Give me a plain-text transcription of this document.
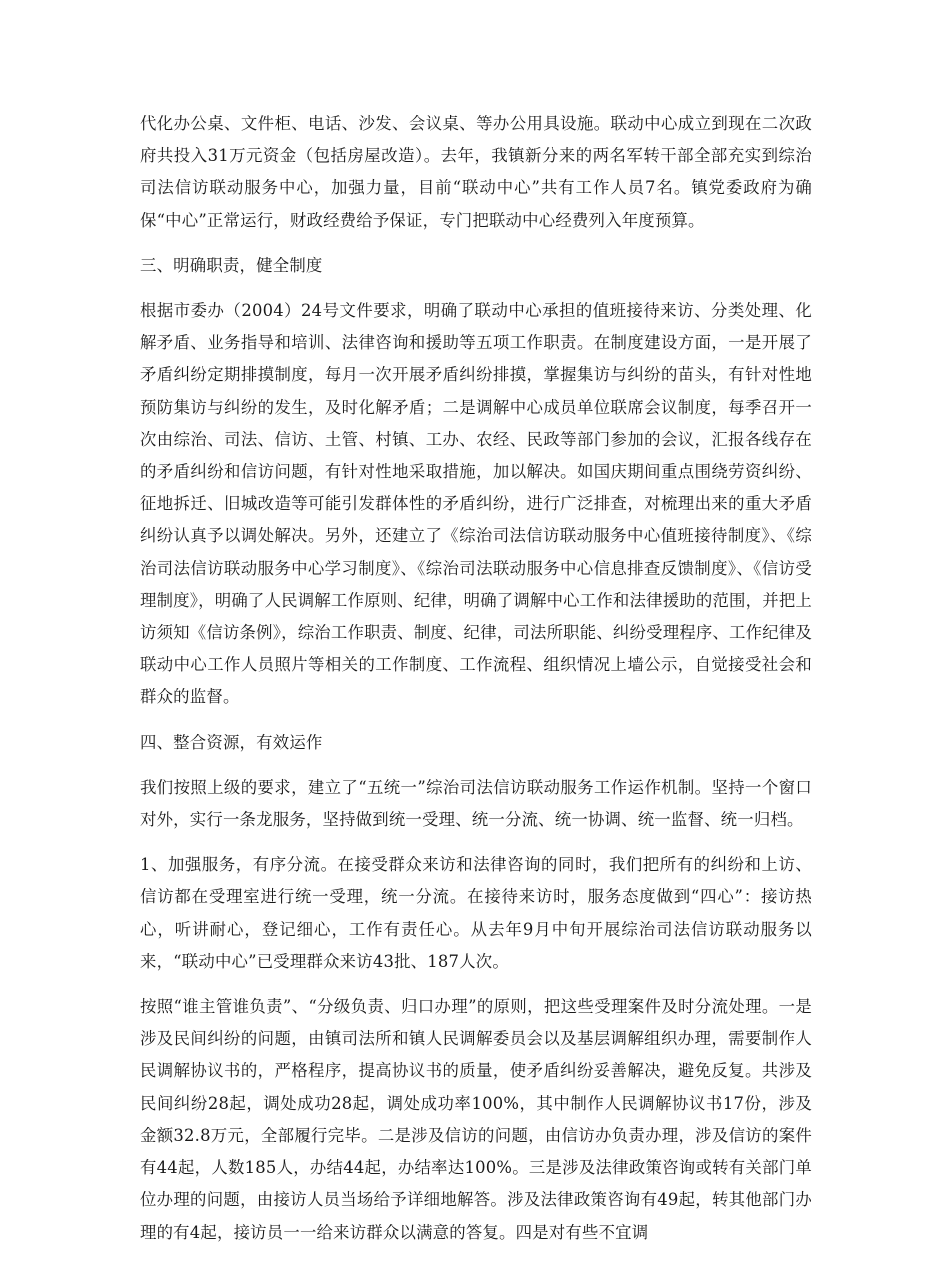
代化办公桌、文件柜、电话、沙发、会议桌、等办公用具设施。联动中心成立到现在二次政府共投入31万元资金（包括房屋改造）。去年，我镇新分来的两名军转干部全部充实到综治司法信访联动服务中心，加强力量，目前“联动中心”共有工作人员7名。镇党委政府为确保“中心”正常运行，财政经费给予保证，专门把联动中心经费列入年度预算。

三、明确职责，健全制度

根据市委办（2004）24号文件要求，明确了联动中心承担的值班接待来访、分类处理、化解矛盾、业务指导和培训、法律咨询和援助等五项工作职责。在制度建设方面，一是开展了矛盾纠纷定期排摸制度，每月一次开展矛盾纠纷排摸，掌握集访与纠纷的苗头，有针对性地预防集访与纠纷的发生，及时化解矛盾；二是调解中心成员单位联席会议制度，每季召开一次由综治、司法、信访、土管、村镇、工办、农经、民政等部门参加的会议，汇报各线存在的矛盾纠纷和信访问题，有针对性地采取措施，加以解决。如国庆期间重点围绕劳资纠纷、征地拆迁、旧城改造等可能引发群体性的矛盾纠纷，进行广泛排查，对梳理出来的重大矛盾纠纷认真予以调处解决。另外，还建立了《综治司法信访联动服务中心值班接待制度》、《综治司法信访联动服务中心学习制度》、《综治司法联动服务中心信息排查反馈制度》、《信访受理制度》，明确了人民调解工作原则、纪律，明确了调解中心工作和法律援助的范围，并把上访须知《信访条例》，综治工作职责、制度、纪律，司法所职能、纠纷受理程序、工作纪律及联动中心工作人员照片等相关的工作制度、工作流程、组织情况上墙公示，自觉接受社会和群众的监督。

四、整合资源，有效运作

我们按照上级的要求，建立了“五统一”综治司法信访联动服务工作运作机制。坚持一个窗口对外，实行一条龙服务，坚持做到统一受理、统一分流、统一协调、统一监督、统一归档。

1、加强服务，有序分流。在接受群众来访和法律咨询的同时，我们把所有的纠纷和上访、信访都在受理室进行统一受理，统一分流。在接待来访时，服务态度做到“四心”：接访热心，听讲耐心，登记细心，工作有责任心。从去年9月中旬开展综治司法信访联动服务以来，“联动中心”已受理群众来访43批、187人次。

按照“谁主管谁负责”、“分级负责、归口办理”的原则，把这些受理案件及时分流处理。一是涉及民间纠纷的问题，由镇司法所和镇人民调解委员会以及基层调解组织办理，需要制作人民调解协议书的，严格程序，提高协议书的质量，使矛盾纠纷妥善解决，避免反复。共涉及民间纠纷28起，调处成功28起，调处成功率100%，其中制作人民调解协议书17份，涉及金额32.8万元，全部履行完毕。二是涉及信访的问题，由信访办负责办理，涉及信访的案件有44起，人数185人，办结44起，办结率达100%。三是涉及法律政策咨询或转有关部门单位办理的问题，由接访人员当场给予详细地解答。涉及法律政策咨询有49起，转其他部门办理的有4起，接访员一一给来访群众以满意的答复。四是对有些不宜调
